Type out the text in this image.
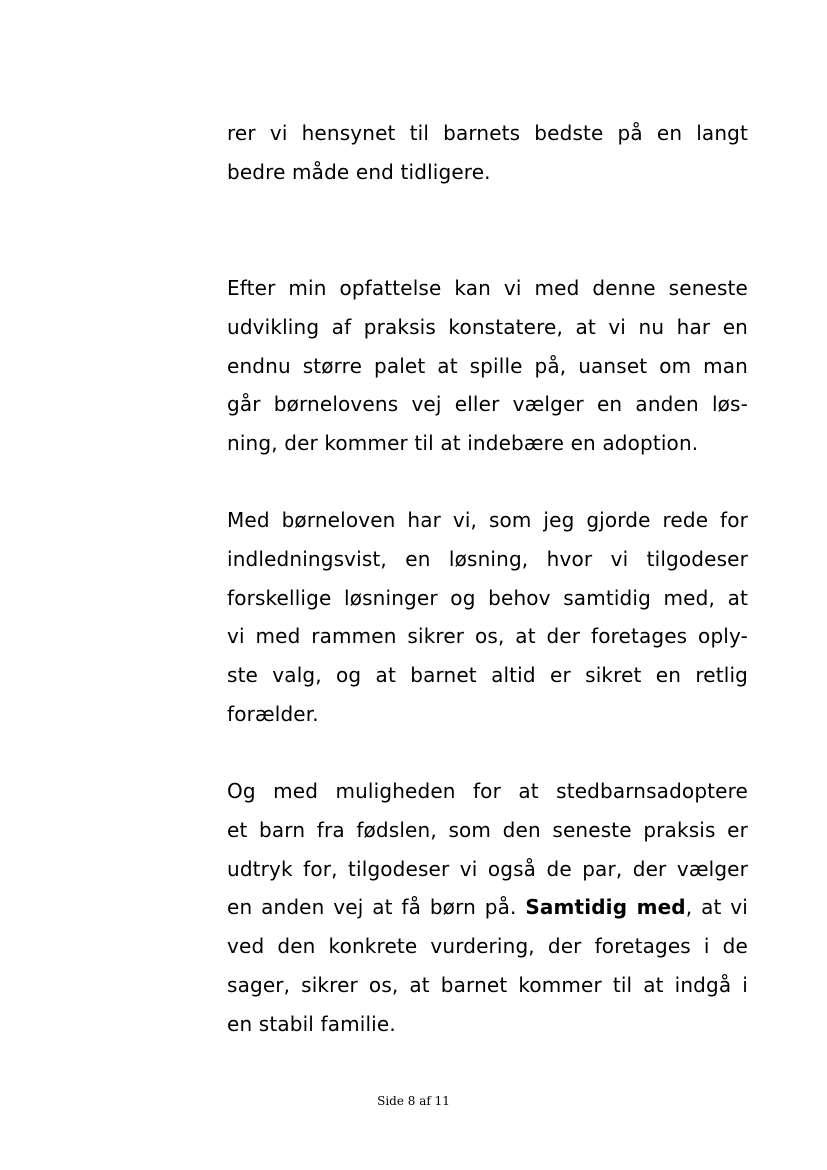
rer vi hensynet til barnets bedste på en langt
bedre måde end tidligere.
Efter min opfattelse kan vi med denne seneste
udvikling af praksis konstatere, at vi nu har en
endnu større palet at spille på, uanset om man
går børnelovens vej eller vælger en anden løs-
ning, der kommer til at indebære en adoption.
Med børneloven har vi, som jeg gjorde rede for
indledningsvist, en løsning, hvor vi tilgodeser
forskellige løsninger og behov samtidig med, at
vi med rammen sikrer os, at der foretages oply-
ste valg, og at barnet altid er sikret en retlig
forælder.
Og med muligheden for at stedbarnsadoptere
et barn fra fødslen, som den seneste praksis er
udtryk for, tilgodeser vi også de par, der vælger
en anden vej at få børn på. Samtidig med, at vi
ved den konkrete vurdering, der foretages i de
sager, sikrer os, at barnet kommer til at indgå i
en stabil familie.
Side 8 af 11
